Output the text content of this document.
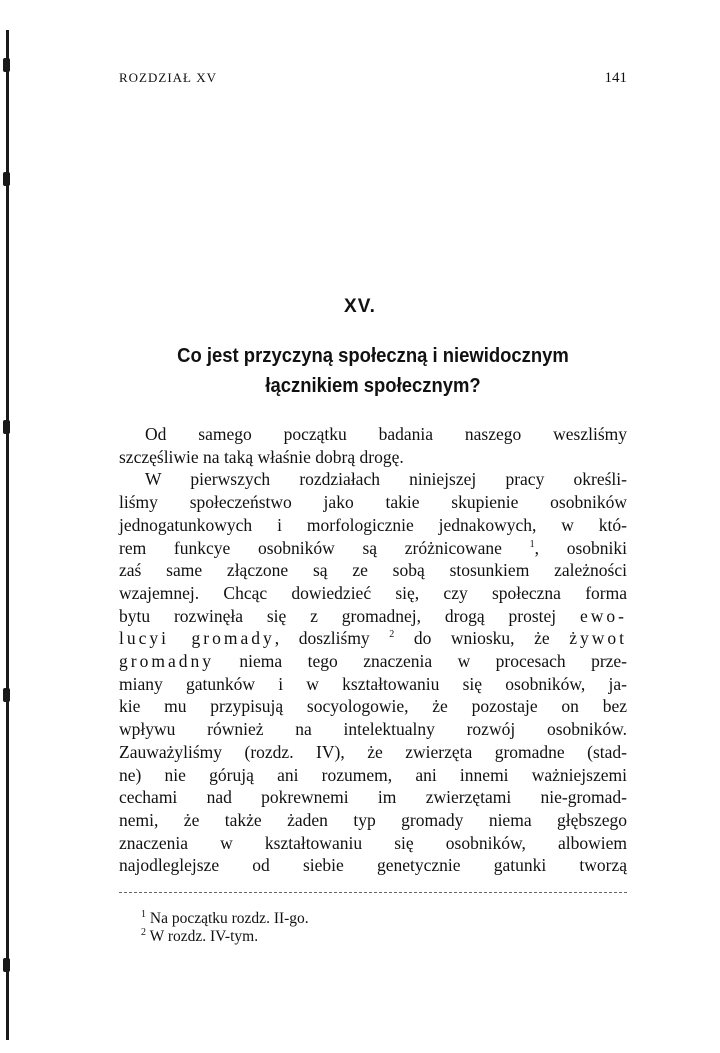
ROZDZIAŁ XV	141
XV.
Co jest przyczyną społeczną i niewidocznym
łącznikiem społecznym?
Od samego początku badania naszego weszliśmy
szczęśliwie na taką właśnie dobrą drogę.
W pierwszych rozdziałach niniejszej pracy określi-
liśmy społeczeństwo jako takie skupienie osobników
jednogatunkowych i morfologicznie jednakowych, w któ-
rem funkcye osobników są zróżnicowane	$^1$, osobniki
zaś same złączone są ze sobą stosunkiem zależności
wzajemnej. Chcąc dowiedzieć się, czy społeczna forma
bytu rozwinęła się z gromadnej, drogą prostej ewo-
lucyi gromady, doszliśmy $^2$ do wniosku, że żywot
gromadny niema tego znaczenia w procesach prze-
miany gatunków i w kształtowaniu się osobników, ja-
kie mu przypisują socyologowie, że pozostaje on bez
wpływu również na intelektualny rozwój osobników.
Zauważyliśmy (rozdz. IV), że zwierzęta gromadne (stad-
ne) nie górują ani rozumem, ani innemi ważniejszemi
cechami nad pokrewnemi im zwierzętami nie-gromad-
nemi, że także żaden typ gromady niema głębszego
znaczenia w kształtowaniu się osobników, albowiem
najodleglejsze od siebie genetycznie gatunki tworzą
$^1$ Na początku rozdz. II-go.
$^2$ W rozdz. IV-tym.
